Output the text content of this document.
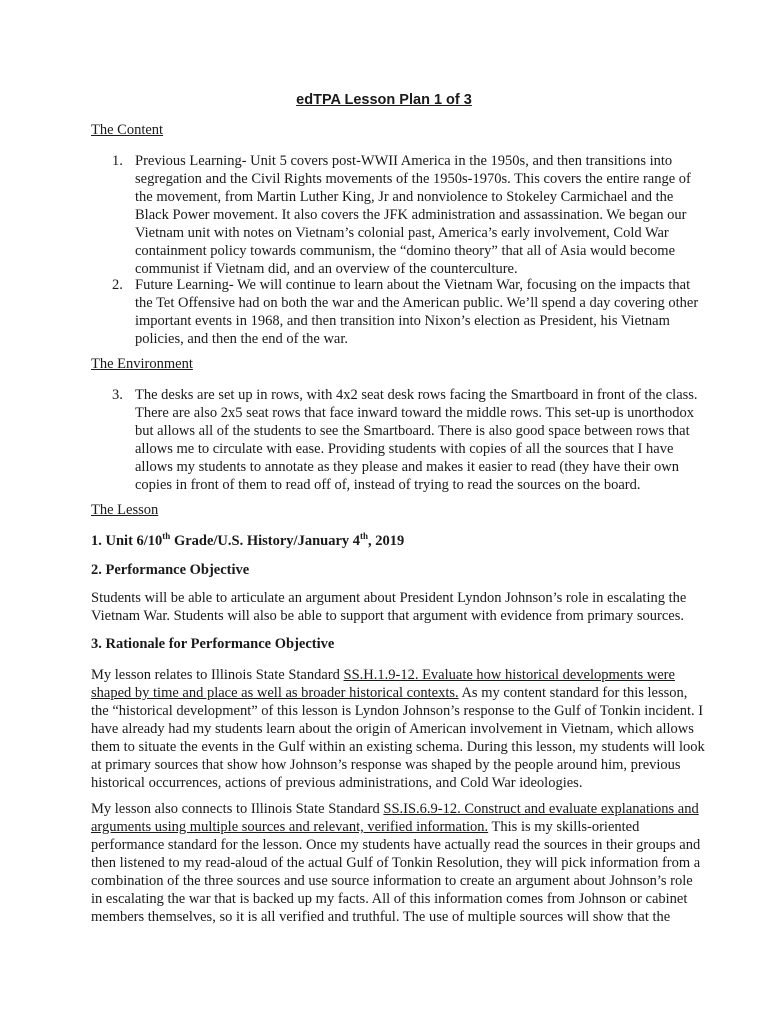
edTPA Lesson Plan 1 of 3
The Content
1. Previous Learning- Unit 5 covers post-WWII America in the 1950s, and then transitions into
segregation and the Civil Rights movements of the 1950s-1970s. This covers the entire range of
the movement, from Martin Luther King, Jr and nonviolence to Stokeley Carmichael and the
Black Power movement. It also covers the JFK administration and assassination. We began our
Vietnam unit with notes on Vietnam’s colonial past, America’s early involvement, Cold War
containment policy towards communism, the “domino theory” that all of Asia would become
communist if Vietnam did, and an overview of the counterculture.
2. Future Learning- We will continue to learn about the Vietnam War, focusing on the impacts that
the Tet Offensive had on both the war and the American public. We’ll spend a day covering other
important events in 1968, and then transition into Nixon’s election as President, his Vietnam
policies, and then the end of the war.
The Environment
3. The desks are set up in rows, with 4x2 seat desk rows facing the Smartboard in front of the class.
There are also 2x5 seat rows that face inward toward the middle rows. This set-up is unorthodox
but allows all of the students to see the Smartboard. There is also good space between rows that
allows me to circulate with ease. Providing students with copies of all the sources that I have
allows my students to annotate as they please and makes it easier to read (they have their own
copies in front of them to read off of, instead of trying to read the sources on the board.
The Lesson
1. Unit 6/10th Grade/U.S. History/January 4th, 2019
2. Performance Objective
Students will be able to articulate an argument about President Lyndon Johnson’s role in escalating the
Vietnam War. Students will also be able to support that argument with evidence from primary sources.
3. Rationale for Performance Objective
My lesson relates to Illinois State Standard SS.H.1.9-12. Evaluate how historical developments were
shaped by time and place as well as broader historical contexts. As my content standard for this lesson,
the “historical development” of this lesson is Lyndon Johnson’s response to the Gulf of Tonkin incident. I
have already had my students learn about the origin of American involvement in Vietnam, which allows
them to situate the events in the Gulf within an existing schema. During this lesson, my students will look
at primary sources that show how Johnson’s response was shaped by the people around him, previous
historical occurrences, actions of previous administrations, and Cold War ideologies.
My lesson also connects to Illinois State Standard SS.IS.6.9-12. Construct and evaluate explanations and
arguments using multiple sources and relevant, verified information. This is my skills-oriented
performance standard for the lesson. Once my students have actually read the sources in their groups and
then listened to my read-aloud of the actual Gulf of Tonkin Resolution, they will pick information from a
combination of the three sources and use source information to create an argument about Johnson’s role
in escalating the war that is backed up my facts. All of this information comes from Johnson or cabinet
members themselves, so it is all verified and truthful. The use of multiple sources will show that the
